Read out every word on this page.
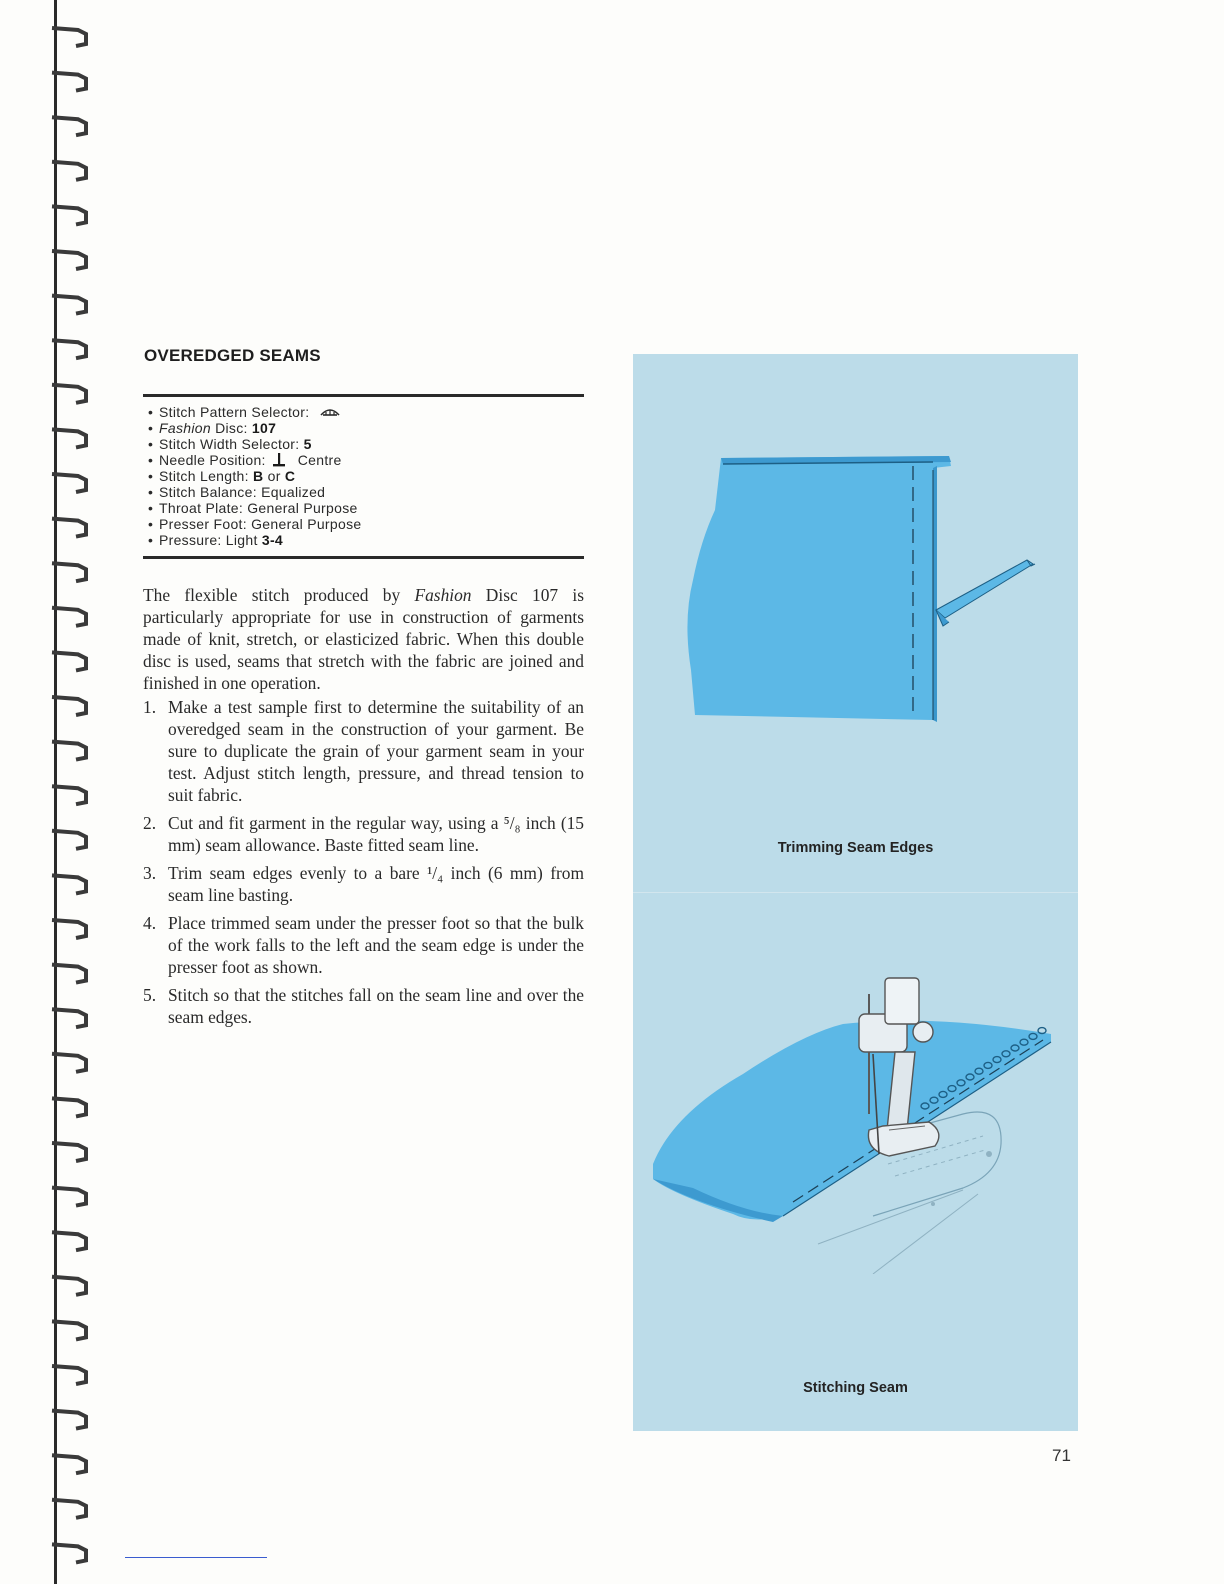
OVEREDGED SEAMS
• Stitch Pattern Selector:
• Fashion Disc: 107
• Stitch Width Selector: 5
• Needle Position: Centre
• Stitch Length: B or C
• Stitch Balance: Equalized
• Throat Plate: General Purpose
• Presser Foot: General Purpose
• Pressure: Light 3-4

The flexible stitch produced by Fashion Disc 107 is particularly appropriate for use in construction of garments made of knit, stretch, or elasticized fabric. When this double disc is used, seams that stretch with the fabric are joined and finished in one operation.

1. Make a test sample first to determine the suitability of an overedged seam in the construction of your garment. Be sure to duplicate the grain of your garment seam in your test. Adjust stitch length, pressure, and thread tension to suit fabric.
2. Cut and fit garment in the regular way, using a ⁵/₈ inch (15 mm) seam allowance. Baste fitted seam line.
3. Trim seam edges evenly to a bare ¹/₄ inch (6 mm) from seam line basting.
4. Place trimmed seam under the presser foot so that the bulk of the work falls to the left and the seam edge is under the presser foot as shown.
5. Stitch so that the stitches fall on the seam line and over the seam edges.
Trimming Seam Edges
Stitching Seam
71
